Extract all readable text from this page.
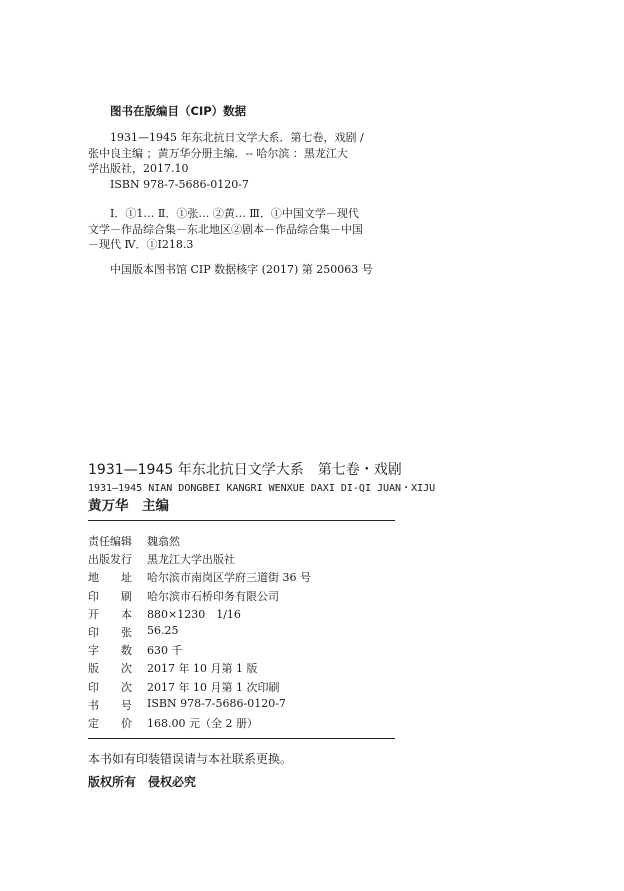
图书在版编目（CIP）数据
1931—1945 年东北抗日文学大系．第七卷，戏剧 /
张中良主编 ；黄万华分册主编．-- 哈尔滨 ：黑龙江大
学出版社，2017.10
ISBN 978-7-5686-0120-7
Ⅰ．①1… Ⅱ．①张… ②黄… Ⅲ．①中国文学－现代
文学－作品综合集－东北地区②剧本－作品综合集－中国
－现代 Ⅳ．①I218.3
中国版本图书馆 CIP 数据核字 (2017) 第 250063 号
1931—1945 年东北抗日文学大系　第七卷・戏剧
1931—1945 NIAN DONGBEI KANGRI WENXUE DAXI DI-QI JUAN・XIJU
黄万华　主编
责任编辑 魏翕然
出版发行 黑龙江大学出版社
地 址 哈尔滨市南岗区学府三道街 36 号
印 刷 哈尔滨市石桥印务有限公司
开 本 880×1230　1/16
印 张 56.25
字 数 630 千
版 次 2017 年 10 月第 1 版
印 次 2017 年 10 月第 1 次印刷
书 号 ISBN 978-7-5686-0120-7
定 价 168.00 元（全 2 册）
本书如有印装错误请与本社联系更换。
版权所有 侵权必究
